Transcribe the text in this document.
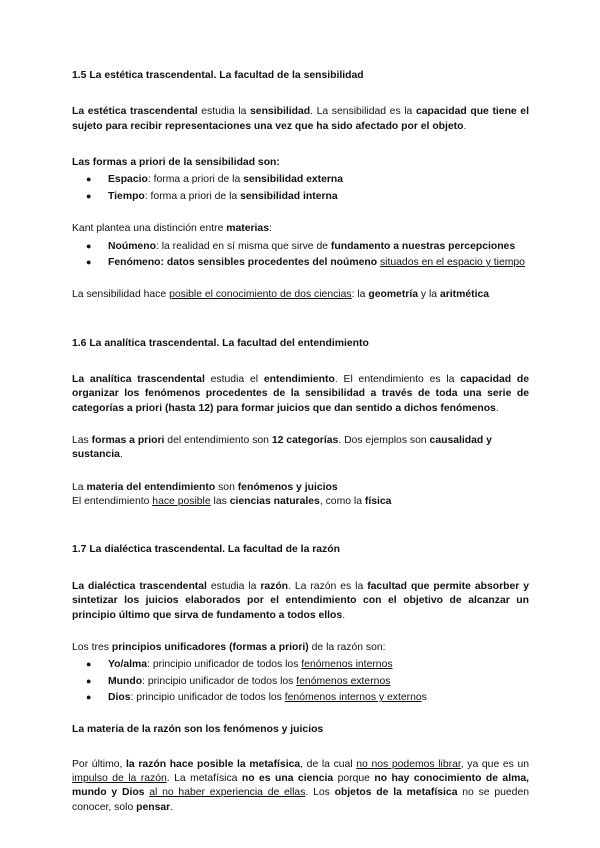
1.5 La estética trascendental. La facultad de la sensibilidad

La estética trascendental estudia la sensibilidad. La sensibilidad es la capacidad que tiene el sujeto para recibir representaciones una vez que ha sido afectado por el objeto.

Las formas a priori de la sensibilidad son:

● Espacio: forma a priori de la sensibilidad externa
● Tiempo: forma a priori de la sensibilidad interna

Kant plantea una distinción entre materias:

● Noúmeno: la realidad en sí misma que sirve de fundamento a nuestras percepciones
● Fenómeno: datos sensibles procedentes del noúmeno situados en el espacio y tiempo

La sensibilidad hace posible el conocimiento de dos ciencias: la geometría y la aritmética

1.6 La analítica trascendental. La facultad del entendimiento

La analítica trascendental estudia el entendimiento. El entendimiento es la capacidad de organizar los fenómenos procedentes de la sensibilidad a través de toda una serie de categorías a priori (hasta 12) para formar juicios que dan sentido a dichos fenómenos.

Las formas a priori del entendimiento son 12 categorías. Dos ejemplos son causalidad y sustancia.

La materia del entendimiento son fenómenos y juicios

El entendimiento hace posible las ciencias naturales, como la física

1.7 La dialéctica trascendental. La facultad de la razón

La dialéctica trascendental estudia la razón. La razón es la facultad que permite absorber y sintetizar los juicios elaborados por el entendimiento con el objetivo de alcanzar un principio último que sirva de fundamento a todos ellos.

Los tres principios unificadores (formas a priori) de la razón son:

● Yo/alma: principio unificador de todos los fenómenos internos
● Mundo: principio unificador de todos los fenómenos externos
● Dios: principio unificador de todos los fenómenos internos y externos

La materia de la razón son los fenómenos y juicios

Por último, la razón hace posible la metafísica, de la cual no nos podemos librar, ya que es un impulso de la razón. La metafísica no es una ciencia porque no hay conocimiento de alma, mundo y Dios al no haber experiencia de ellas. Los objetos de la metafísica no se pueden conocer, solo pensar.
